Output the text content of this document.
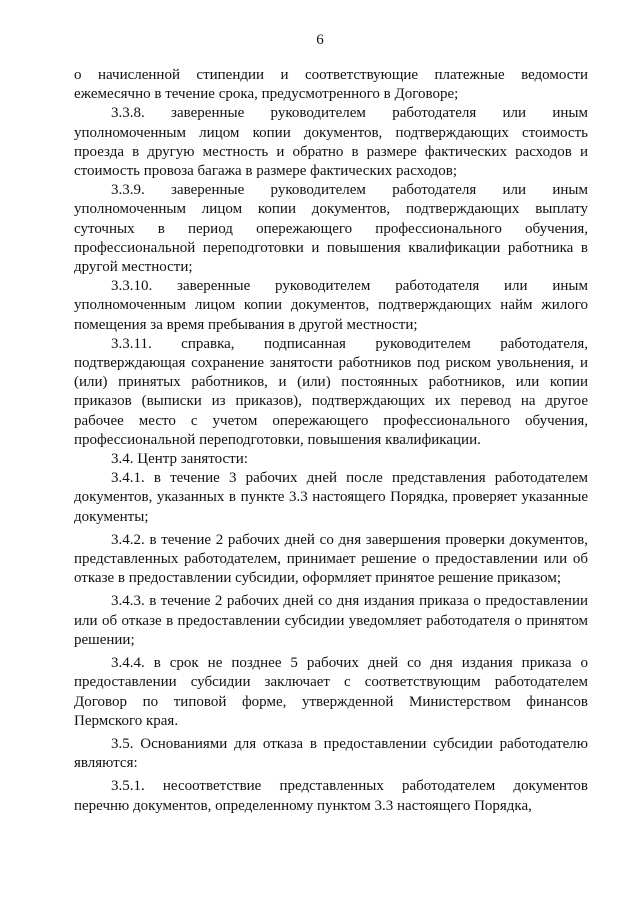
6

о начисленной стипендии и соответствующие платежные ведомости ежемесячно в течение срока, предусмотренного в Договоре;

3.3.8. заверенные руководителем работодателя или иным уполномоченным лицом копии документов, подтверждающих стоимость проезда в другую местность и обратно в размере фактических расходов и стоимость провоза багажа в размере фактических расходов;

3.3.9. заверенные руководителем работодателя или иным уполномоченным лицом копии документов, подтверждающих выплату суточных в период опережающего профессионального обучения, профессиональной переподготовки и повышения квалификации работника в другой местности;

3.3.10. заверенные руководителем работодателя или иным уполномоченным лицом копии документов, подтверждающих найм жилого помещения за время пребывания в другой местности;

3.3.11. справка, подписанная руководителем работодателя, подтверждающая сохранение занятости работников под риском увольнения, и (или) принятых работников, и (или) постоянных работников, или копии приказов (выписки из приказов), подтверждающих их перевод на другое рабочее место с учетом опережающего профессионального обучения, профессиональной переподготовки, повышения квалификации.

3.4. Центр занятости:

3.4.1. в течение 3 рабочих дней после представления работодателем документов, указанных в пункте 3.3 настоящего Порядка, проверяет указанные документы;

3.4.2. в течение 2 рабочих дней со дня завершения проверки документов, представленных работодателем, принимает решение о предоставлении или об отказе в предоставлении субсидии, оформляет принятое решение приказом;

3.4.3. в течение 2 рабочих дней со дня издания приказа о предоставлении или об отказе в предоставлении субсидии уведомляет работодателя о принятом решении;

3.4.4. в срок не позднее 5 рабочих дней со дня издания приказа о предоставлении субсидии заключает с соответствующим работодателем Договор по типовой форме, утвержденной Министерством финансов Пермского края.

3.5. Основаниями для отказа в предоставлении субсидии работодателю являются:

3.5.1. несоответствие представленных работодателем документов перечню документов, определенному пунктом 3.3 настоящего Порядка,
